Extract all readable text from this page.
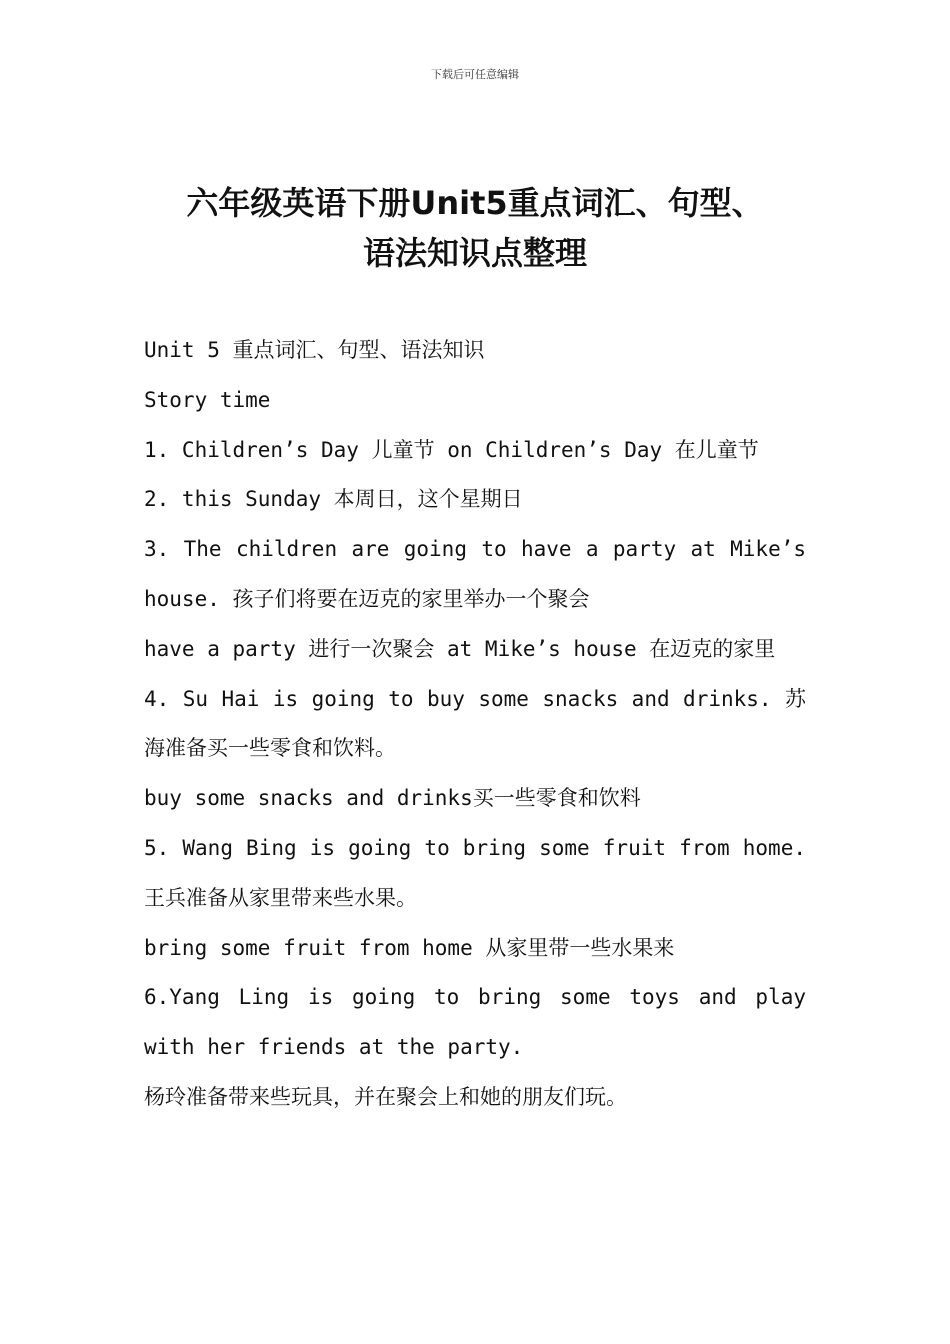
下载后可任意编辑
六年级英语下册Unit5重点词汇、句型、
语法知识点整理

Unit 5 重点词汇、句型、语法知识

Story time

1. Children’s Day 儿童节 on Children’s Day 在儿童节

2. this Sunday 本周日，这个星期日

3. The children are going to have a party at Mike’s house. 孩子们将要在迈克的家里举办一个聚会

have a party 进行一次聚会 at Mike’s house 在迈克的家里

4. Su Hai is going to buy some snacks and drinks. 苏海准备买一些零食和饮料。

buy some snacks and drinks买一些零食和饮料

5. Wang Bing is going to bring some fruit from home. 王兵准备从家里带来些水果。

bring some fruit from home 从家里带一些水果来

6.Yang Ling is going to bring some toys and play with her friends at the party.

杨玲准备带来些玩具，并在聚会上和她的朋友们玩。
